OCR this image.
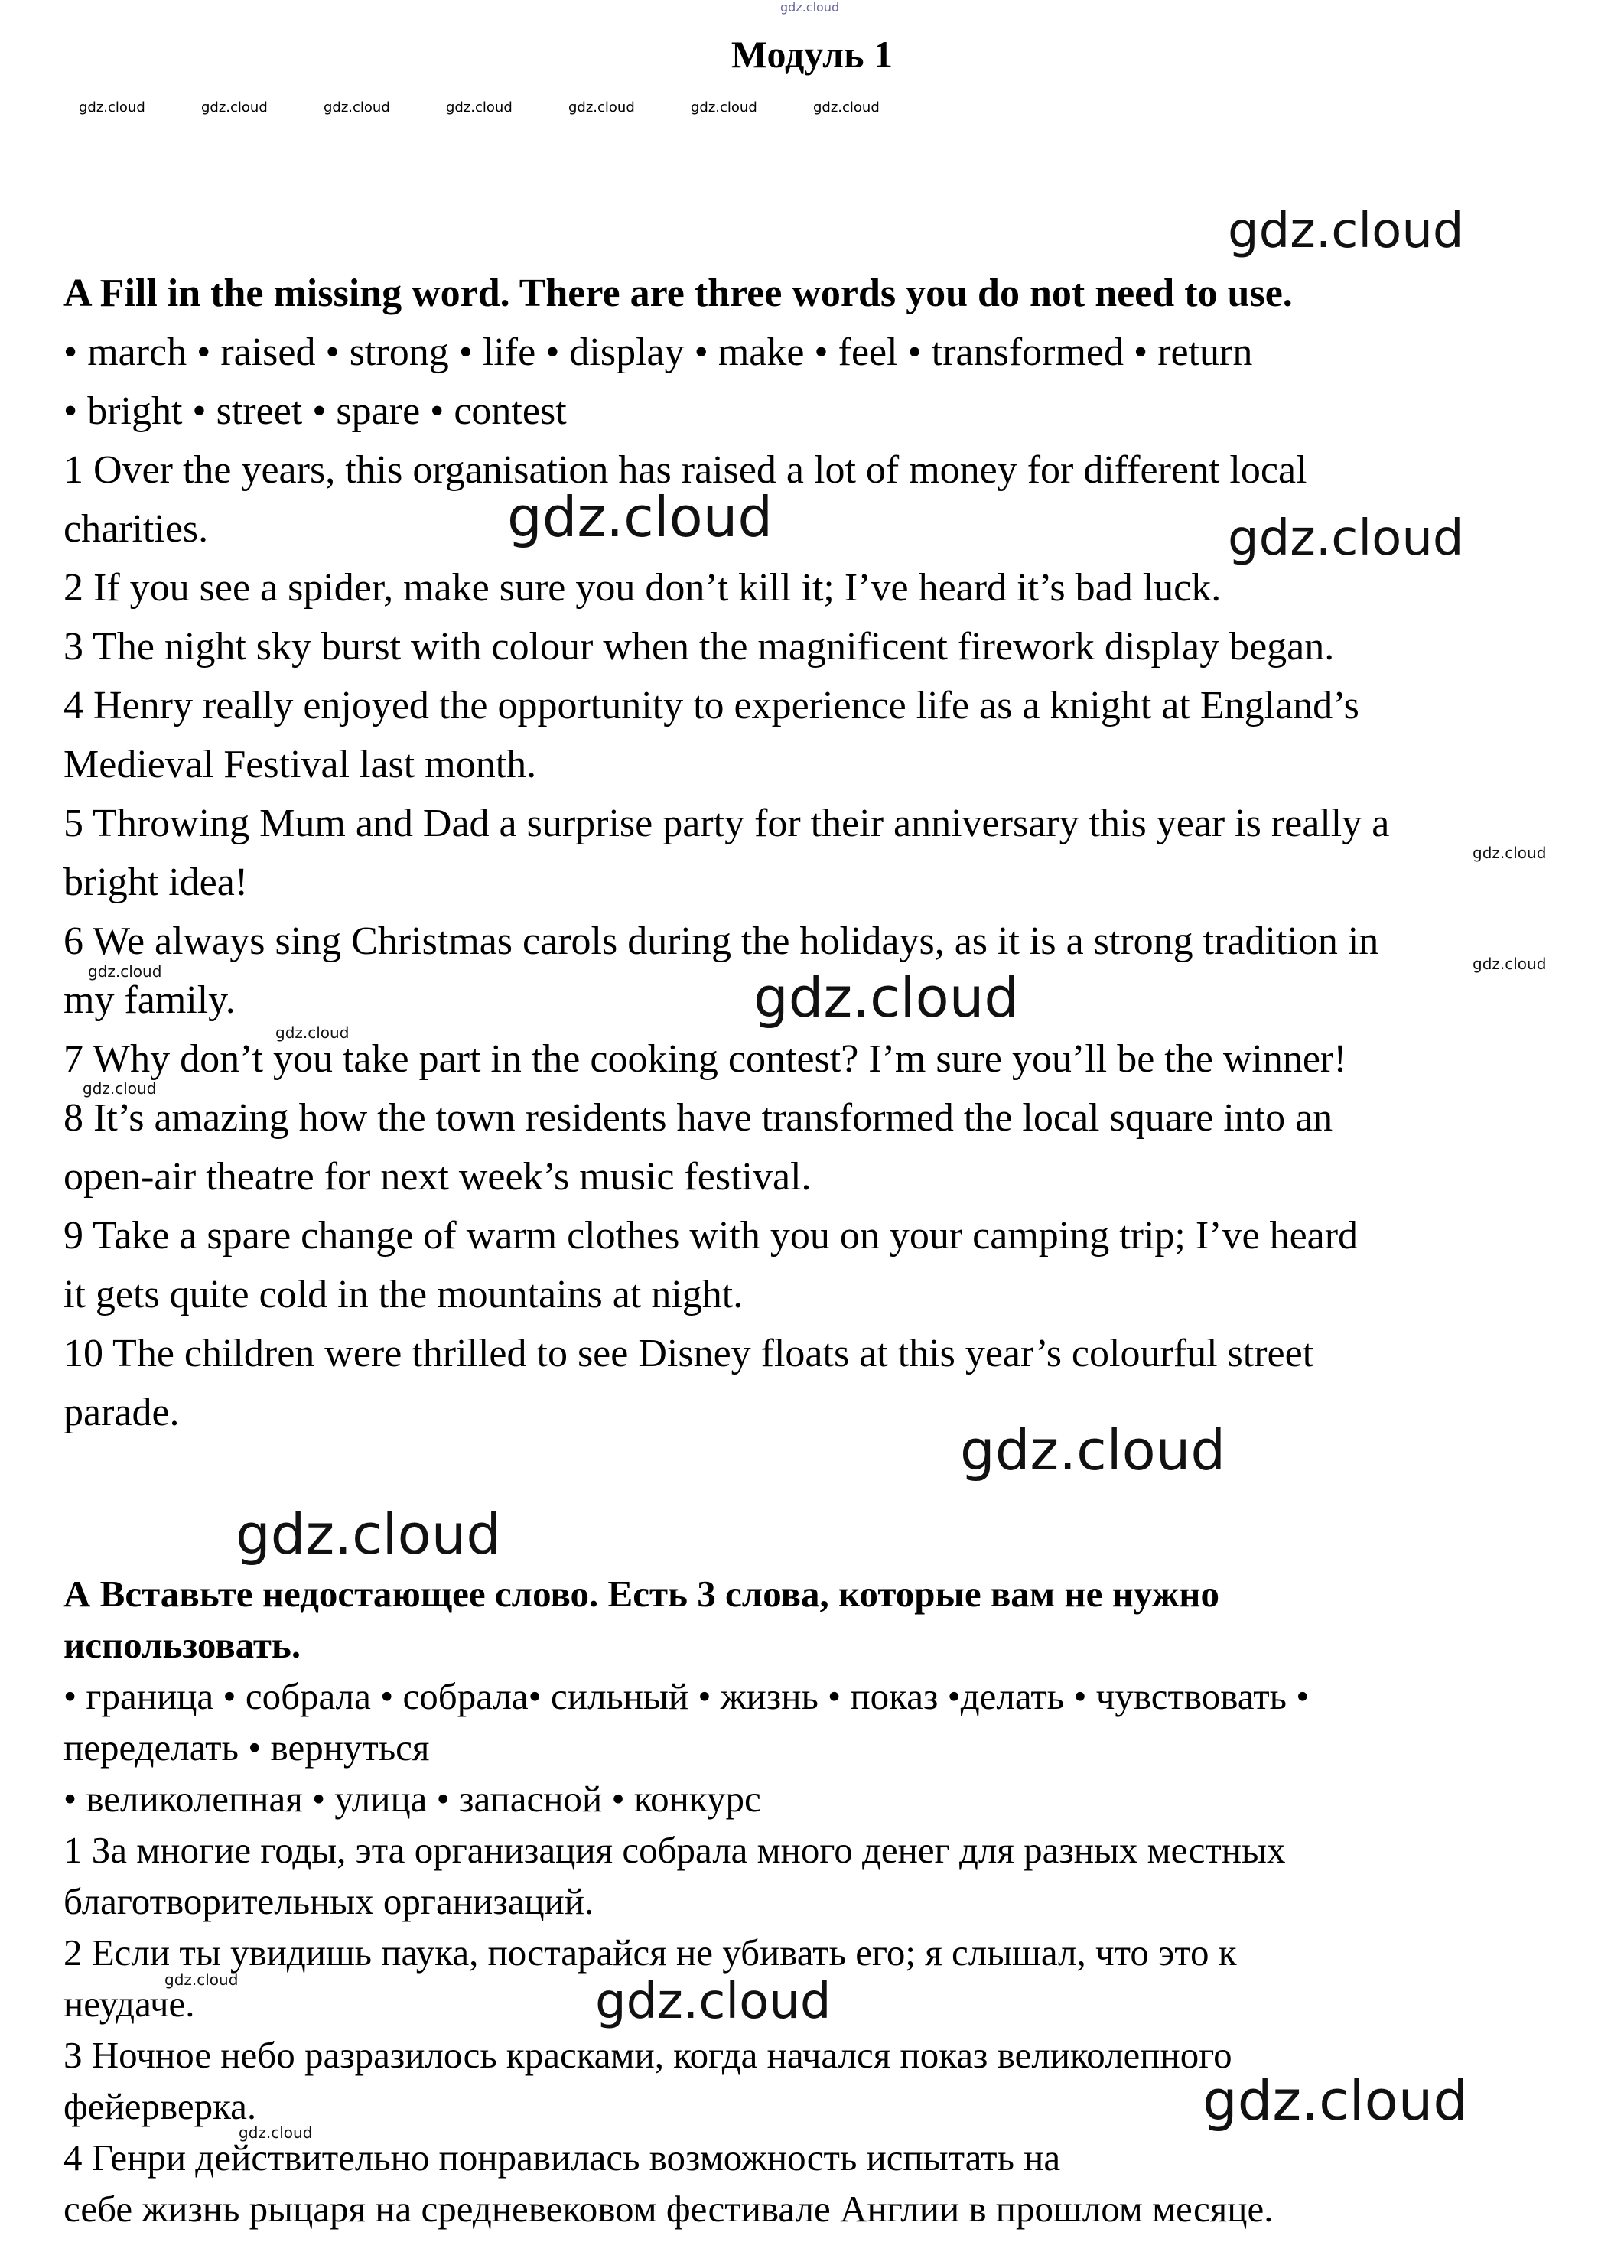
gdz.cloud
Модуль 1
gdz.cloud	gdz.cloud	gdz.cloud	gdz.cloud	gdz.cloud	gdz.cloud	gdz.cloud
A Fill in the missing word. There are three words you do not need to use.
• march • raised • strong • life • display • make • feel • transformed • return
• bright • street • spare • contest
1 Over the years, this organisation has raised a lot of money for different local
charities.
2 If you see a spider, make sure you don’t kill it; I’ve heard it’s bad luck.
3 The night sky burst with colour when the magnificent firework display began.
4 Henry really enjoyed the opportunity to experience life as a knight at England’s
Medieval Festival last month.
5 Throwing Mum and Dad a surprise party for their anniversary this year is really a
bright idea!
6 We always sing Christmas carols during the holidays, as it is a strong tradition in
my family.
7 Why don’t you take part in the cooking contest? I’m sure you’ll be the winner!
8 It’s amazing how the town residents have transformed the local square into an
open-air theatre for next week’s music festival.
9 Take a spare change of warm clothes with you on your camping trip; I’ve heard
it gets quite cold in the mountains at night.
10 The children were thrilled to see Disney floats at this year’s colourful street
parade.
А Вставьте недостающее слово. Есть 3 слова, которые вам не нужно
использовать.
• граница • собрала • собрала• сильный • жизнь • показ •делать • чувствовать •
переделать • вернуться
• великолепная • улица • запасной • конкурс
1 За многие годы, эта организация собрала много денег для разных местных
благотворительных организаций.
2 Если ты увидишь паука, постарайся не убивать его; я слышал, что это к
неудаче.
3 Ночное небо разразилось красками, когда начался показ великолепного
фейерверка.
4 Генри действительно понравилась возможность испытать на
себе жизнь рыцаря на средневековом фестивале Англии в прошлом месяце.
gdz.cloud
gdz.cloud	gdz.cloud
gdz.cloud
gdz.cloud
gdz.cloud	gdz.cloud
gdz.cloud
gdz.cloud
gdz.cloud
gdz.cloud
gdz.cloud	gdz.cloud
gdz.cloud
gdz.cloud
